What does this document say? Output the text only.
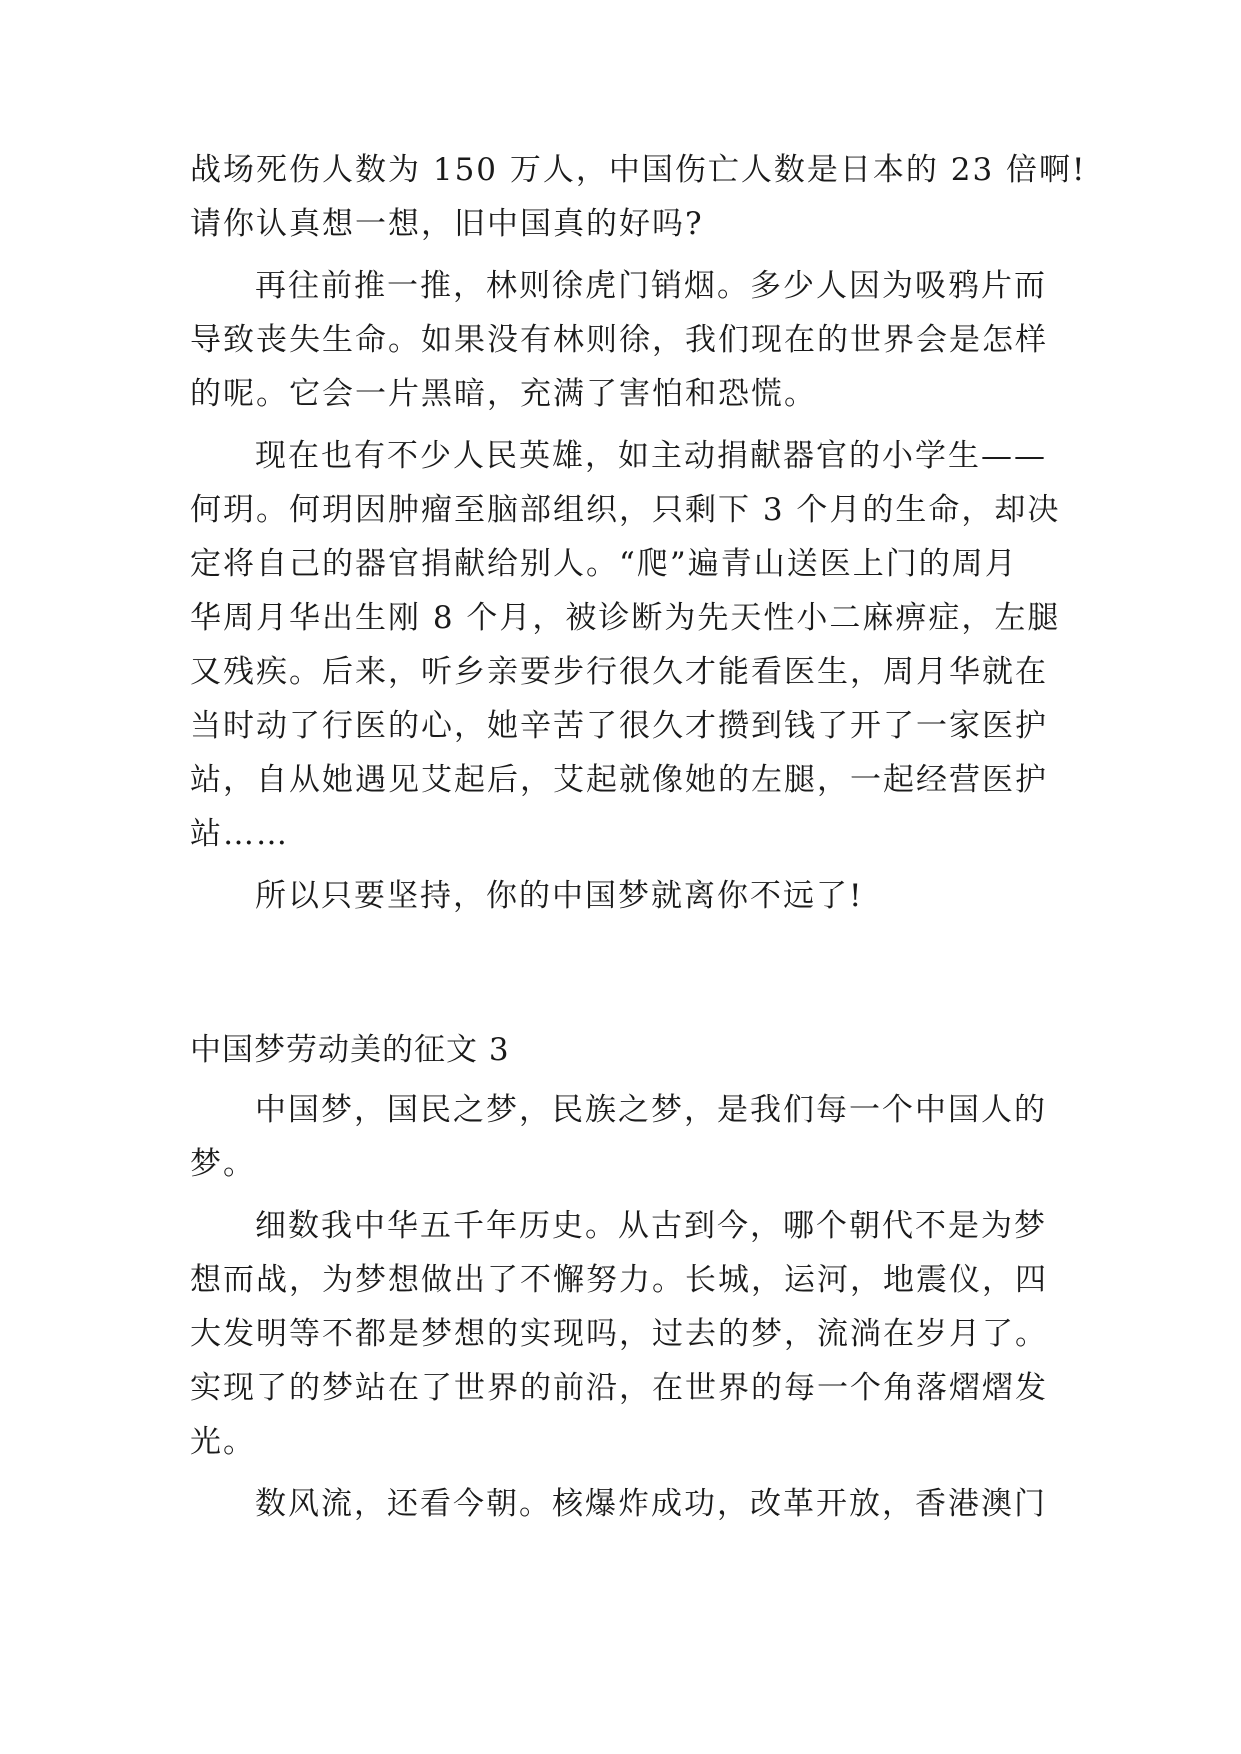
战场死伤人数为 150 万人，中国伤亡人数是日本的 23 倍啊!
请你认真想一想，旧中国真的好吗?
再往前推一推，林则徐虎门销烟。多少人因为吸鸦片而
导致丧失生命。如果没有林则徐，我们现在的世界会是怎样
的呢。它会一片黑暗，充满了害怕和恐慌。
现在也有不少人民英雄，如主动捐献器官的小学生——
何玥。何玥因肿瘤至脑部组织，只剩下 3 个月的生命，却决
定将自己的器官捐献给别人。“爬”遍青山送医上门的周月
华周月华出生刚 8 个月，被诊断为先天性小二麻痹症，左腿
又残疾。后来，听乡亲要步行很久才能看医生，周月华就在
当时动了行医的心，她辛苦了很久才攒到钱了开了一家医护
站，自从她遇见艾起后，艾起就像她的左腿，一起经营医护
站……
所以只要坚持，你的中国梦就离你不远了!
中国梦劳动美的征文 3
中国梦，国民之梦，民族之梦，是我们每一个中国人的
梦。
细数我中华五千年历史。从古到今，哪个朝代不是为梦
想而战，为梦想做出了不懈努力。长城，运河，地震仪，四
大发明等不都是梦想的实现吗，过去的梦，流淌在岁月了。
实现了的梦站在了世界的前沿，在世界的每一个角落熠熠发
光。
数风流，还看今朝。核爆炸成功，改革开放，香港澳门
